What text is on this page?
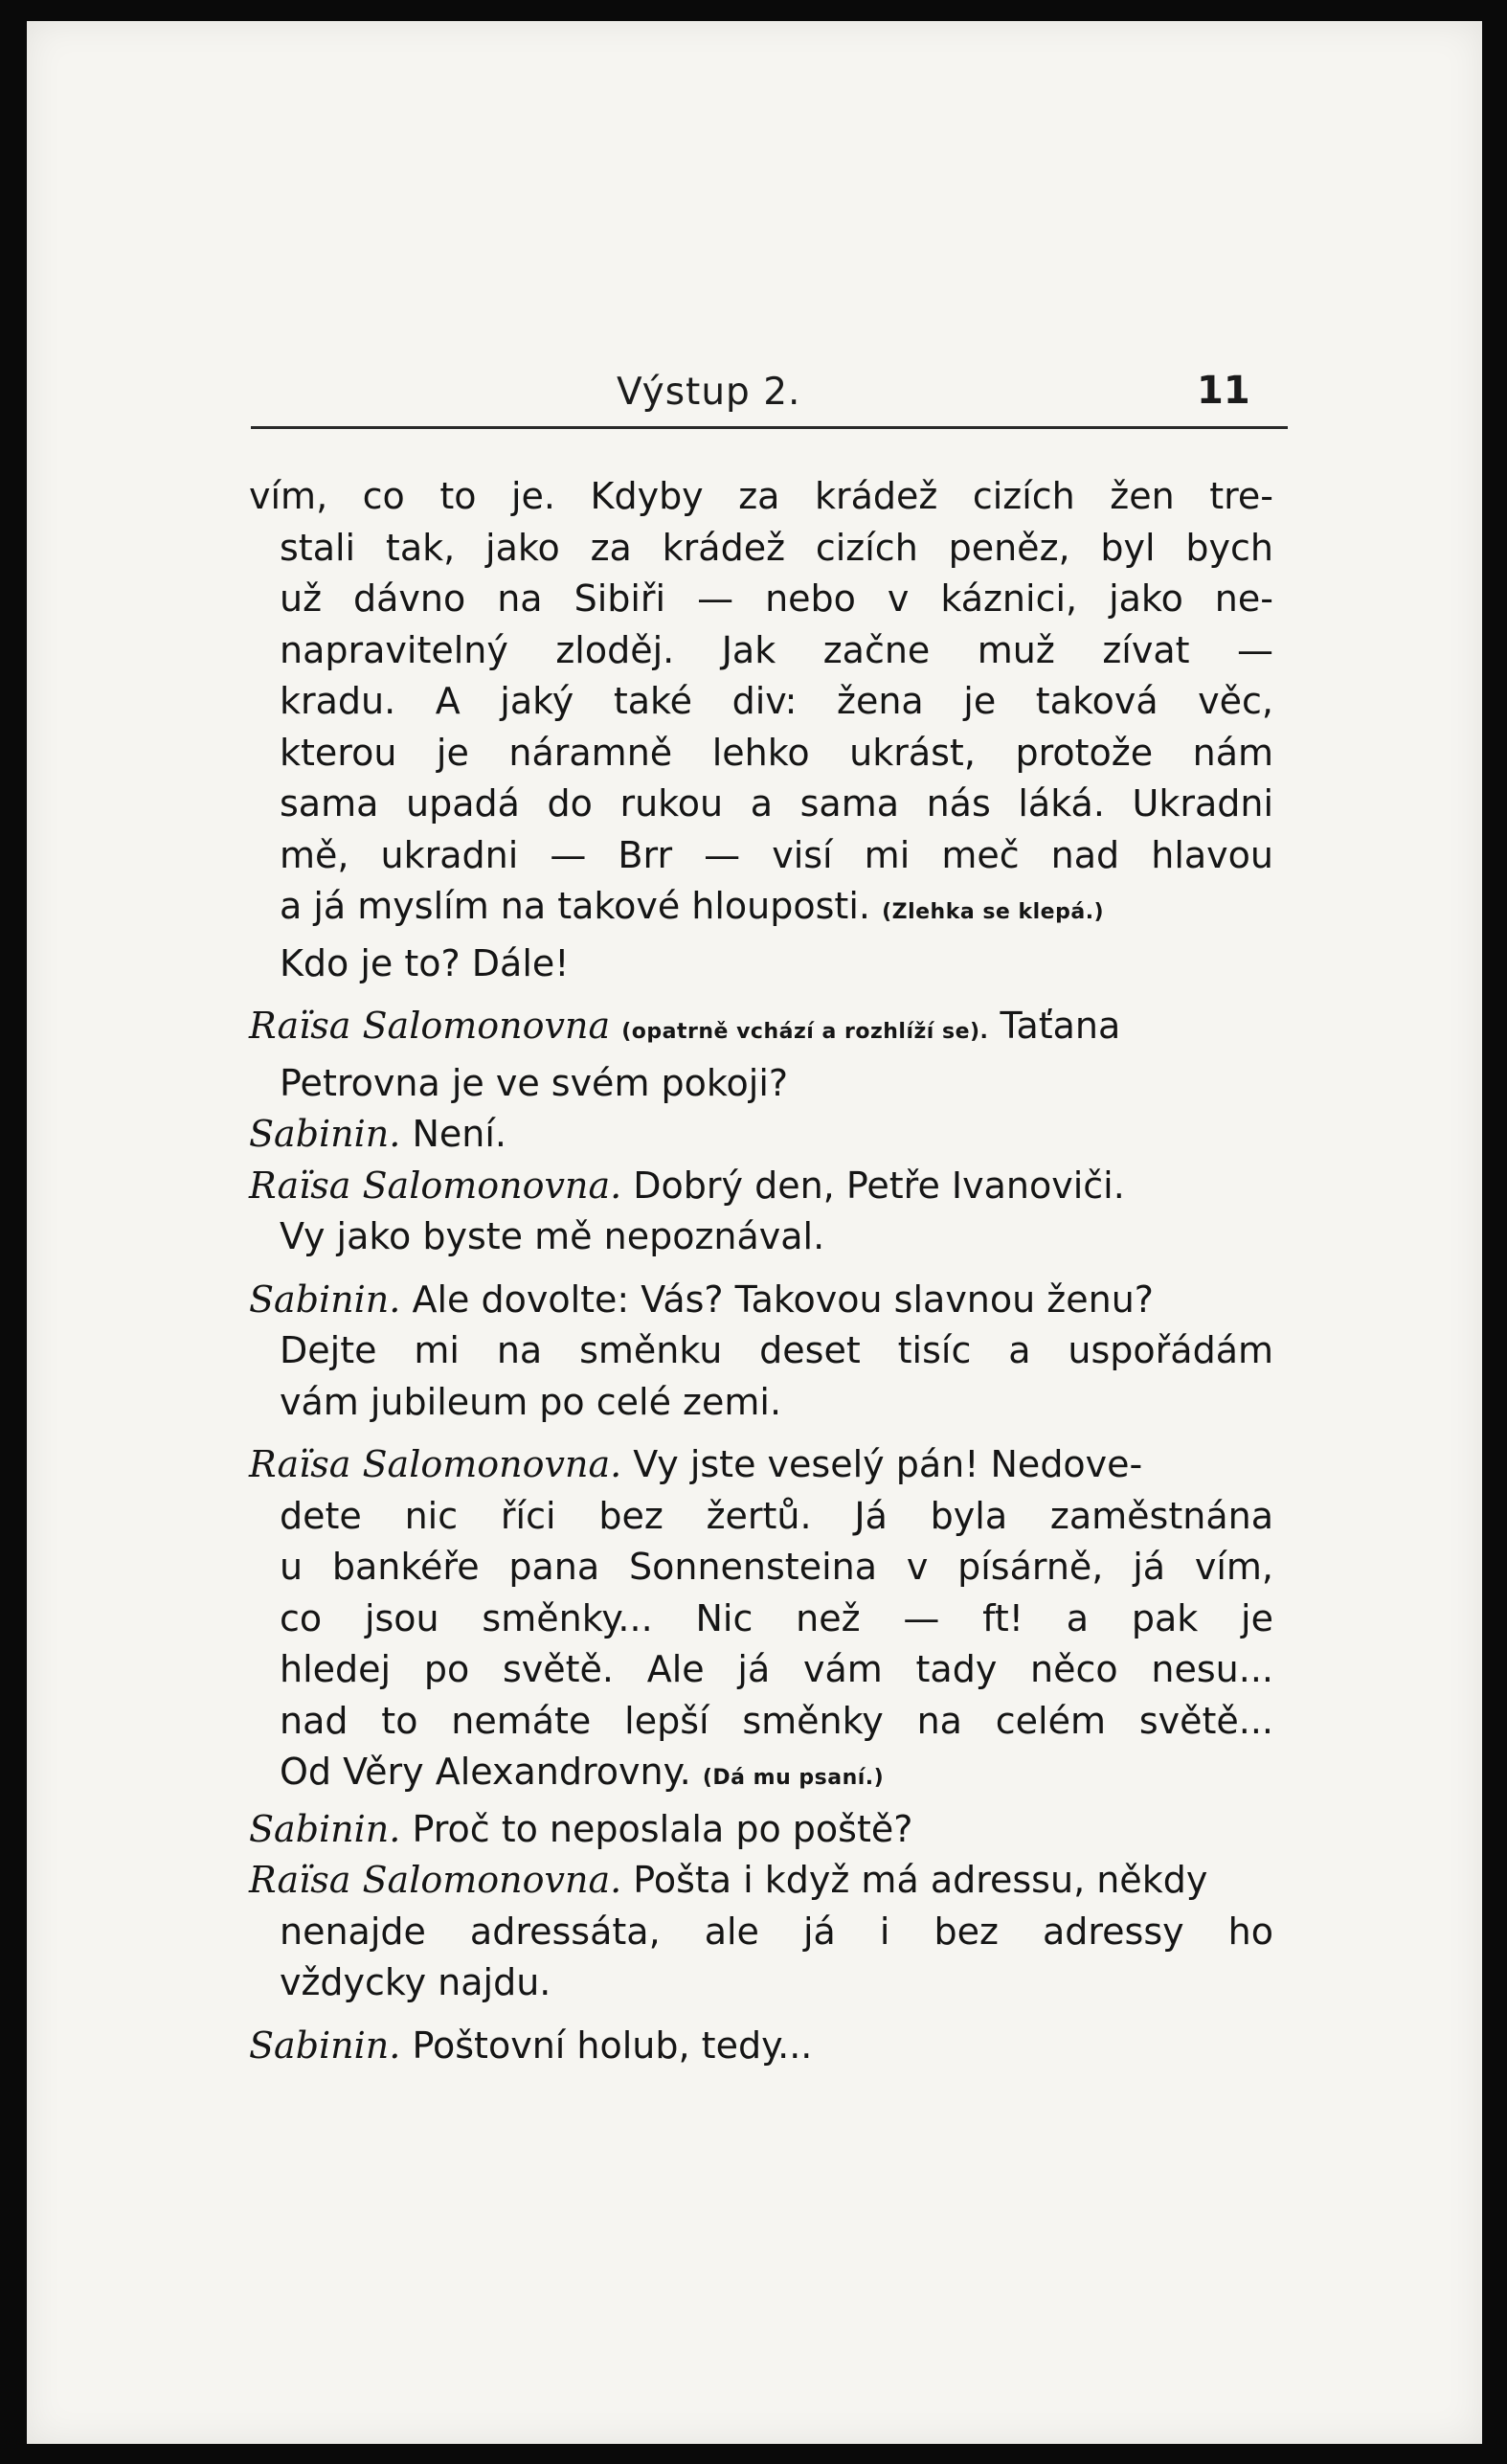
Výstup 2.	11
vím, co to je. Kdyby za krádež cizích žen tre-
stali tak, jako za krádež cizích peněz, byl bych
už dávno na Sibiři — nebo v káznici, jako ne-
napravitelný zloděj. Jak začne muž zívat —
kradu. A jaký také div: žena je taková věc,
kterou je náramně lehko ukrást, protože nám
sama upadá do rukou a sama nás láká. Ukradni
mě, ukradni — Brr — visí mi meč nad hlavou
a já myslím na takové hlouposti. (Zlehka se klepá.)
Kdo je to? Dále!
Raïsa Salomonovna (opatrně vchází a rozhlíží se). Taťana
Petrovna je ve svém pokoji?
Sabinin. Není.
Raïsa Salomonovna. Dobrý den, Petře Ivanoviči.
Vy jako byste mě nepoznával.
Sabinin. Ale dovolte: Vás? Takovou slavnou ženu?
Dejte mi na směnku deset tisíc a uspořádám
vám jubileum po celé zemi.
Raïsa Salomonovna. Vy jste veselý pán! Nedove-
dete nic říci bez žertů. Já byla zaměstnána
u bankéře pana Sonnensteina v písárně, já vím,
co jsou směnky... Nic než — ft! a pak je
hledej po světě. Ale já vám tady něco nesu...
nad to nemáte lepší směnky na celém světě...
Od Věry Alexandrovny. (Dá mu psaní.)
Sabinin. Proč to neposlala po poště?
Raïsa Salomonovna. Pošta i když má adressu, někdy
nenajde adressáta, ale já i bez adressy ho
vždycky najdu.
Sabinin. Poštovní holub, tedy...
